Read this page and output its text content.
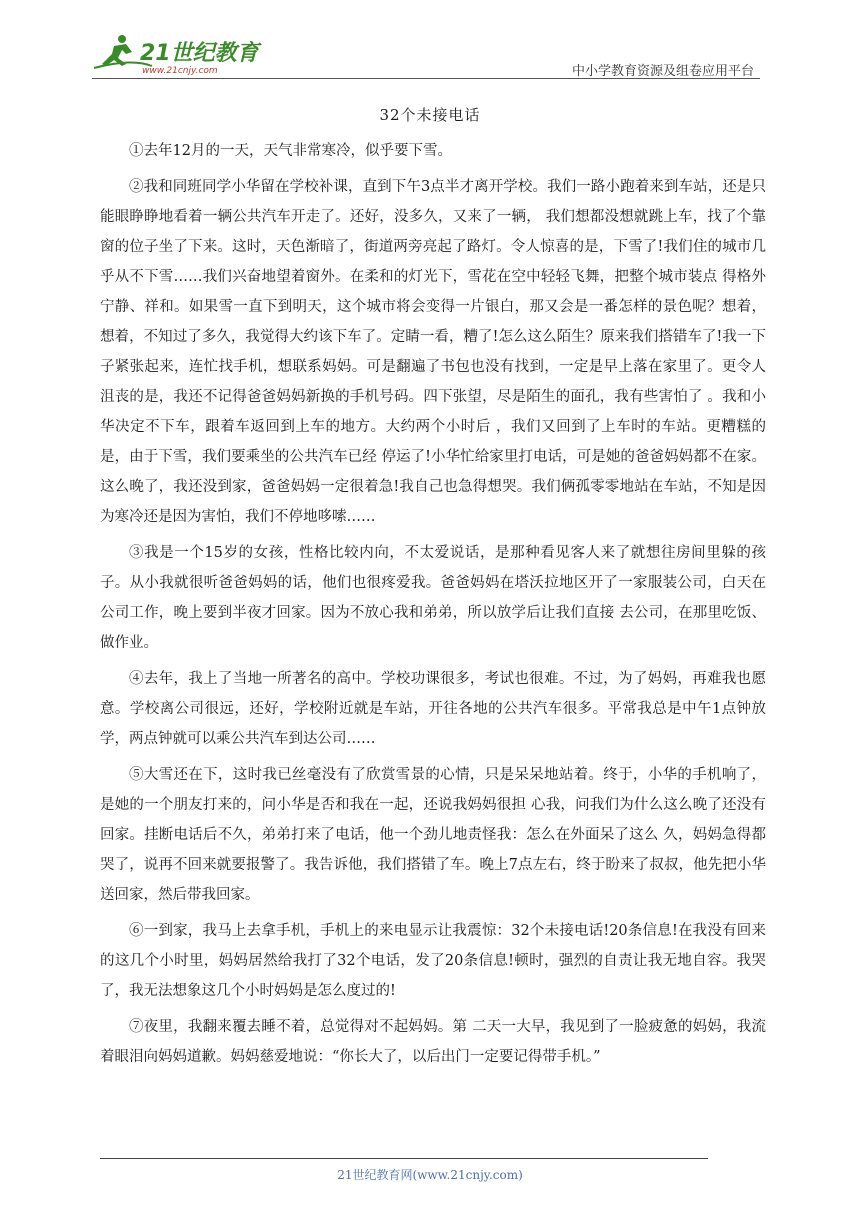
21世纪教育
www.21cnjy.com	中小学教育资源及组卷应用平台
32个未接电话

①去年12月的一天，天气非常寒冷，似乎要下雪。

②我和同班同学小华留在学校补课，直到下午3点半才离开学校。我们一路小跑着来到车站，还是只能眼睁睁地看着一辆公共汽车开走了。还好，没多久，又来了一辆， 我们想都没想就跳上车，找了个靠窗的位子坐了下来。这时，天色渐暗了，街道两旁亮起了路灯。令人惊喜的是，下雪了!我们住的城市几乎从不下雪……我们兴奋地望着窗外。在柔和的灯光下，雪花在空中轻轻飞舞，把整个城市装点 得格外宁静、祥和。如果雪一直下到明天，这个城市将会变得一片银白，那又会是一番怎样的景色呢？想着，想着，不知过了多久，我觉得大约该下车了。定睛一看，糟了!怎么这么陌生？原来我们搭错车了!我一下子紧张起来，连忙找手机，想联系妈妈。可是翻遍了书包也没有找到，一定是早上落在家里了。更令人沮丧的是，我还不记得爸爸妈妈新换的手机号码。四下张望，尽是陌生的面孔，我有些害怕了 。我和小华决定不下车，跟着车返回到上车的地方。大约两个小时后 ，我们又回到了上车时的车站。更糟糕的是，由于下雪，我们要乘坐的公共汽车已经 停运了!小华忙给家里打电话，可是她的爸爸妈妈都不在家。这么晚了，我还没到家，爸爸妈妈一定很着急!我自己也急得想哭。我们俩孤零零地站在车站，不知是因为寒冷还是因为害怕，我们不停地哆嗦……

③我是一个15岁的女孩，性格比较内向，不太爱说话，是那种看见客人来了就想往房间里躲的孩子。从小我就很听爸爸妈妈的话，他们也很疼爱我。爸爸妈妈在塔沃拉地区开了一家服装公司，白天在公司工作，晚上要到半夜才回家。因为不放心我和弟弟，所以放学后让我们直接 去公司，在那里吃饭、做作业。

④去年，我上了当地一所著名的高中。学校功课很多，考试也很难。不过，为了妈妈，再难我也愿意。学校离公司很远，还好，学校附近就是车站，开往各地的公共汽车很多。平常我总是中午1点钟放学，两点钟就可以乘公共汽车到达公司……

⑤大雪还在下，这时我已丝毫没有了欣赏雪景的心情，只是呆呆地站着。终于，小华的手机响了，是她的一个朋友打来的，问小华是否和我在一起，还说我妈妈很担 心我，问我们为什么这么晚了还没有回家。挂断电话后不久，弟弟打来了电话，他一个劲儿地责怪我：怎么在外面呆了这么 久，妈妈急得都哭了，说再不回来就要报警了。我告诉他，我们搭错了车。晚上7点左右，终于盼来了叔叔，他先把小华送回家，然后带我回家。

⑥一到家，我马上去拿手机，手机上的来电显示让我震惊：32个未接电话!20条信息!在我没有回来的这几个小时里，妈妈居然给我打了32个电话，发了20条信息!顿时，强烈的自责让我无地自容。我哭了，我无法想象这几个小时妈妈是怎么度过的!

⑦夜里，我翻来覆去睡不着，总觉得对不起妈妈。第 二天一大早，我见到了一脸疲惫的妈妈，我流着眼泪向妈妈道歉。妈妈慈爱地说：“你长大了，以后出门一定要记得带手机。”

21世纪教育网(www.21cnjy.com)
